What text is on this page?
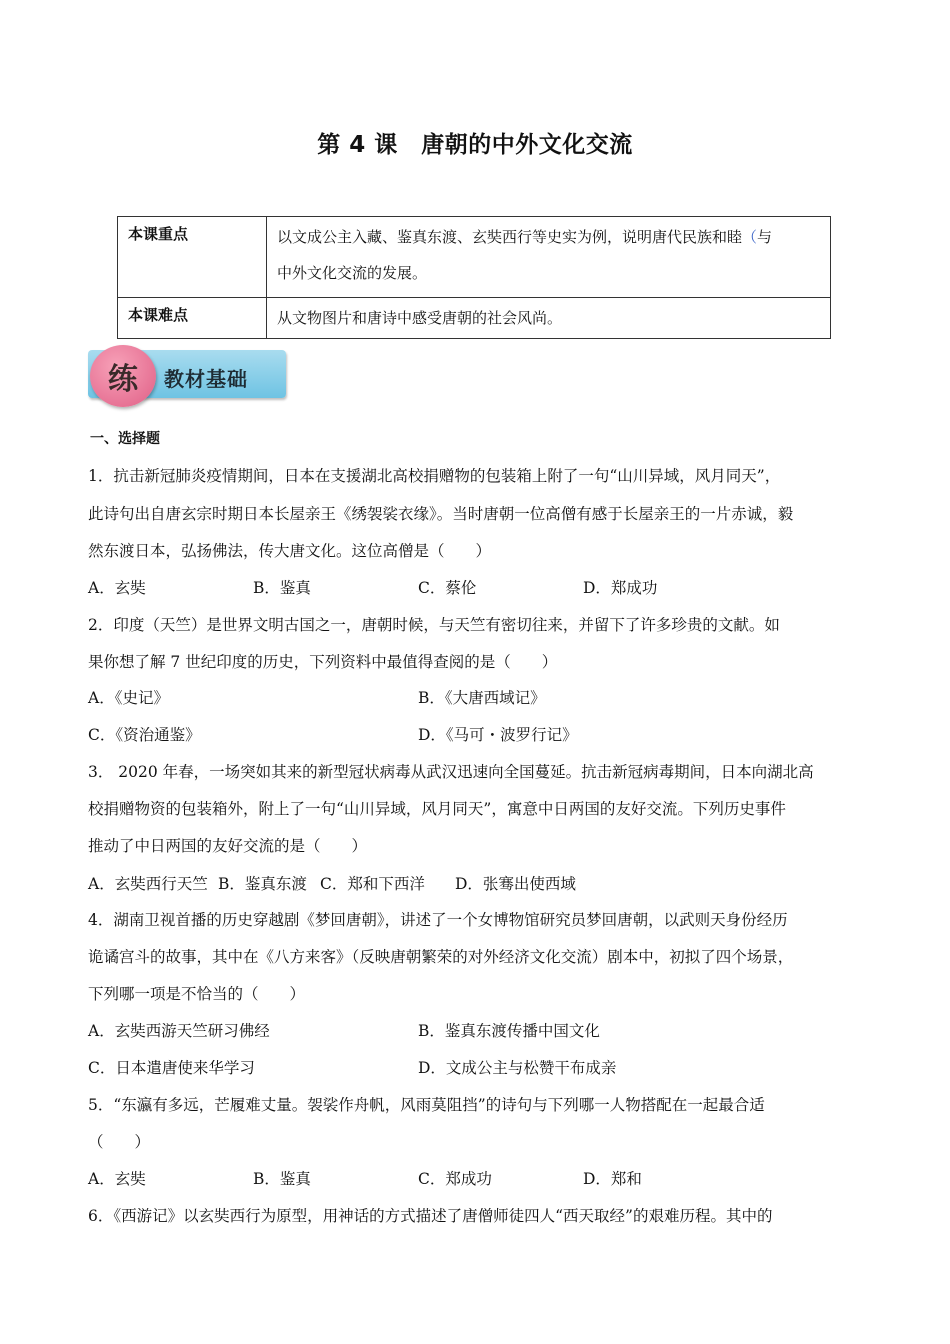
第 4 课　唐朝的中外文化交流
本课重点	以文成公主入藏、鉴真东渡、玄奘西行等史实为例，说明唐代民族和睦（与
中外文化交流的发展。
本课难点	从文物图片和唐诗中感受唐朝的社会风尚。
练	教材基础
一、选择题
1．抗击新冠肺炎疫情期间，日本在支援湖北高校捐赠物的包装箱上附了一句“山川异域，风月同天”，
此诗句出自唐玄宗时期日本长屋亲王《绣袈裟衣缘》。当时唐朝一位高僧有感于长屋亲王的一片赤诚，毅
然东渡日本，弘扬佛法，传大唐文化。这位高僧是（　　）
A．玄奘	B．鉴真	C．蔡伦	D．郑成功
2．印度（天竺）是世界文明古国之一，唐朝时候，与天竺有密切往来，并留下了许多珍贵的文献。如
果你想了解 7 世纪印度的历史，下列资料中最值得查阅的是（　　）
A．《史记》	B．《大唐西域记》
C．《资治通鉴》	D．《马可・波罗行记》
3． 2020 年春，一场突如其来的新型冠状病毒从武汉迅速向全国蔓延。抗击新冠病毒期间，日本向湖北高
校捐赠物资的包装箱外，附上了一句“山川异域，风月同天”，寓意中日两国的友好交流。下列历史事件
推动了中日两国的友好交流的是（　　）
A．玄奘西行天竺 B．鉴真东渡 C．郑和下西洋 D．张骞出使西域
4．湖南卫视首播的历史穿越剧《梦回唐朝》，讲述了一个女博物馆研究员梦回唐朝，以武则天身份经历
诡谲宫斗的故事，其中在《八方来客》（反映唐朝繁荣的对外经济文化交流）剧本中，初拟了四个场景，
下列哪一项是不恰当的（　　）
A．玄奘西游天竺研习佛经	B．鉴真东渡传播中国文化
C．日本遣唐使来华学习	D．文成公主与松赞干布成亲
5．“东瀛有多远，芒履难丈量。袈裟作舟帆，风雨莫阻挡”的诗句与下列哪一人物搭配在一起最合适
（　　）
A．玄奘	B．鉴真	C．郑成功	D．郑和
6．《西游记》以玄奘西行为原型，用神话的方式描述了唐僧师徒四人“西天取经”的艰难历程。其中的
